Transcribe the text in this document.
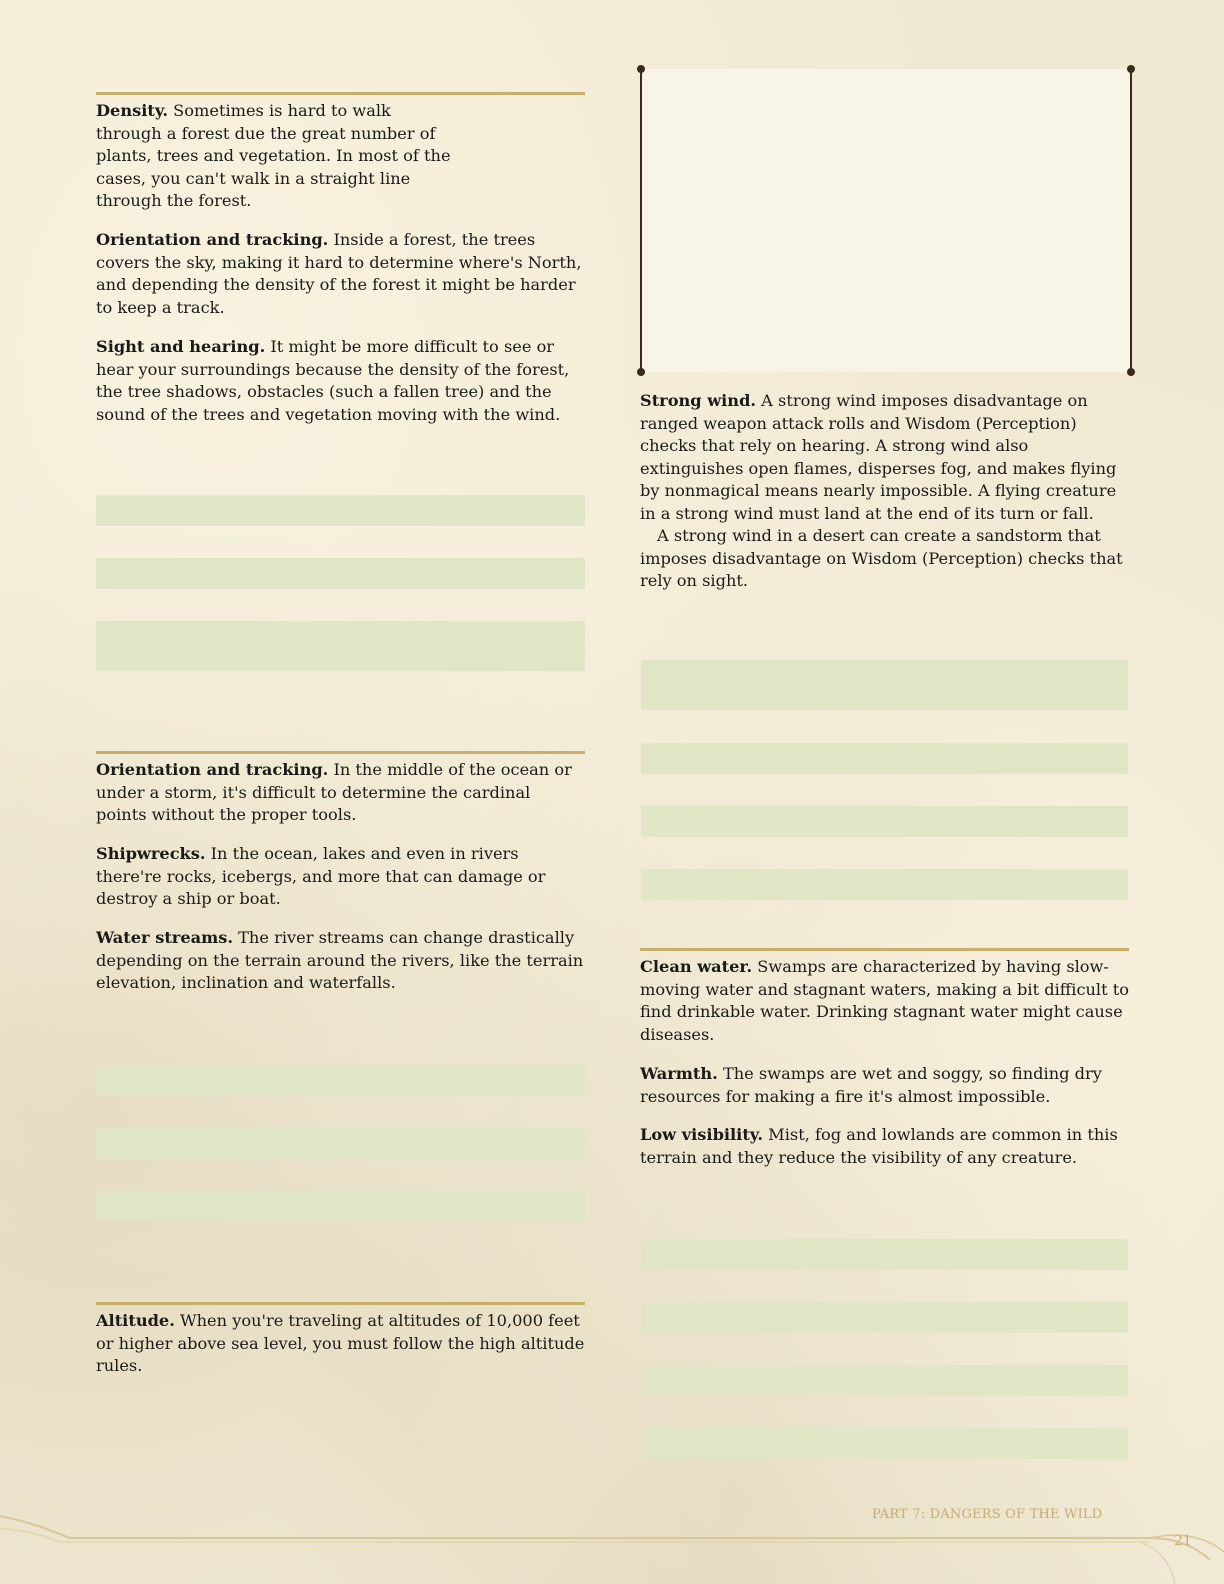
Density. Sometimes is hard to walk through a forest due the great number of plants, trees and vegetation. In most of the cases, you can't walk in a straight line through the forest.

Orientation and tracking. Inside a forest, the trees covers the sky, making it hard to determine where's North, and depending the density of the forest it might be harder to keep a track.

Sight and hearing. It might be more difficult to see or hear your surroundings because the density of the forest, the tree shadows, obstacles (such a fallen tree) and the sound of the trees and vegetation moving with the wind.

Orientation and tracking. In the middle of the ocean or under a storm, it's difficult to determine the cardinal points without the proper tools.

Shipwrecks. In the ocean, lakes and even in rivers there're rocks, icebergs, and more that can damage or destroy a ship or boat.

Water streams. The river streams can change drastically depending on the terrain around the rivers, like the terrain elevation, inclination and waterfalls.

Altitude. When you're traveling at altitudes of 10,000 feet or higher above sea level, you must follow the high altitude rules.

Strong wind. A strong wind imposes disadvantage on ranged weapon attack rolls and Wisdom (Perception) checks that rely on hearing. A strong wind also extinguishes open flames, disperses fog, and makes flying by nonmagical means nearly impossible. A flying creature in a strong wind must land at the end of its turn or fall.

A strong wind in a desert can create a sandstorm that imposes disadvantage on Wisdom (Perception) checks that rely on sight.

Clean water. Swamps are characterized by having slow-moving water and stagnant waters, making a bit difficult to find drinkable water. Drinking stagnant water might cause diseases.

Warmth. The swamps are wet and soggy, so finding dry resources for making a fire it's almost impossible.

Low visibility. Mist, fog and lowlands are common in this terrain and they reduce the visibility of any creature.

PART 7: DANGERS OF THE WILD
21
